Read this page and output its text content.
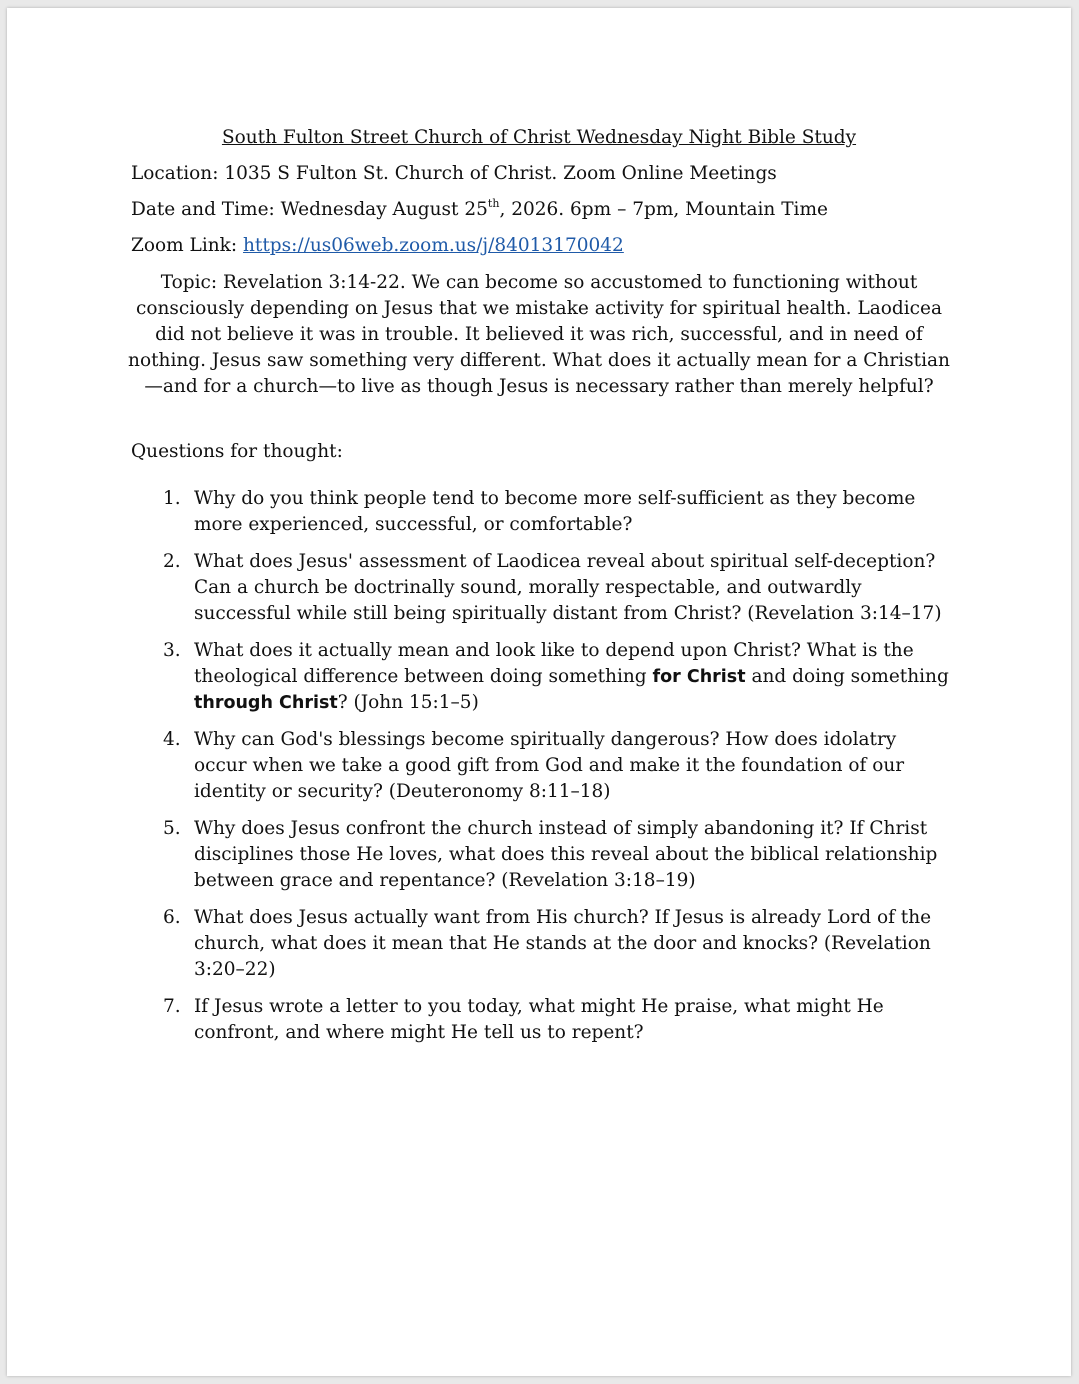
South Fulton Street Church of Christ Wednesday Night Bible Study

Location: 1035 S Fulton St. Church of Christ. Zoom Online Meetings

Date and Time: Wednesday August 25th, 2026. 6pm – 7pm, Mountain Time

Zoom Link: https://us06web.zoom.us/j/84013170042

Topic: Revelation 3:14-22. We can become so accustomed to functioning without consciously depending on Jesus that we mistake activity for spiritual health. Laodicea did not believe it was in trouble. It believed it was rich, successful, and in need of nothing. Jesus saw something very different. What does it actually mean for a Christian—and for a church—to live as though Jesus is necessary rather than merely helpful?

Questions for thought:

1. Why do you think people tend to become more self-sufficient as they become more experienced, successful, or comfortable?
2. What does Jesus' assessment of Laodicea reveal about spiritual self-deception? Can a church be doctrinally sound, morally respectable, and outwardly successful while still being spiritually distant from Christ? (Revelation 3:14–17)
3. What does it actually mean and look like to depend upon Christ? What is the theological difference between doing something for Christ and doing something through Christ? (John 15:1–5)
4. Why can God's blessings become spiritually dangerous? How does idolatry occur when we take a good gift from God and make it the foundation of our identity or security? (Deuteronomy 8:11–18)
5. Why does Jesus confront the church instead of simply abandoning it? If Christ disciplines those He loves, what does this reveal about the biblical relationship between grace and repentance? (Revelation 3:18–19)
6. What does Jesus actually want from His church? If Jesus is already Lord of the church, what does it mean that He stands at the door and knocks? (Revelation 3:20–22)
7. If Jesus wrote a letter to you today, what might He praise, what might He confront, and where might He tell us to repent?
